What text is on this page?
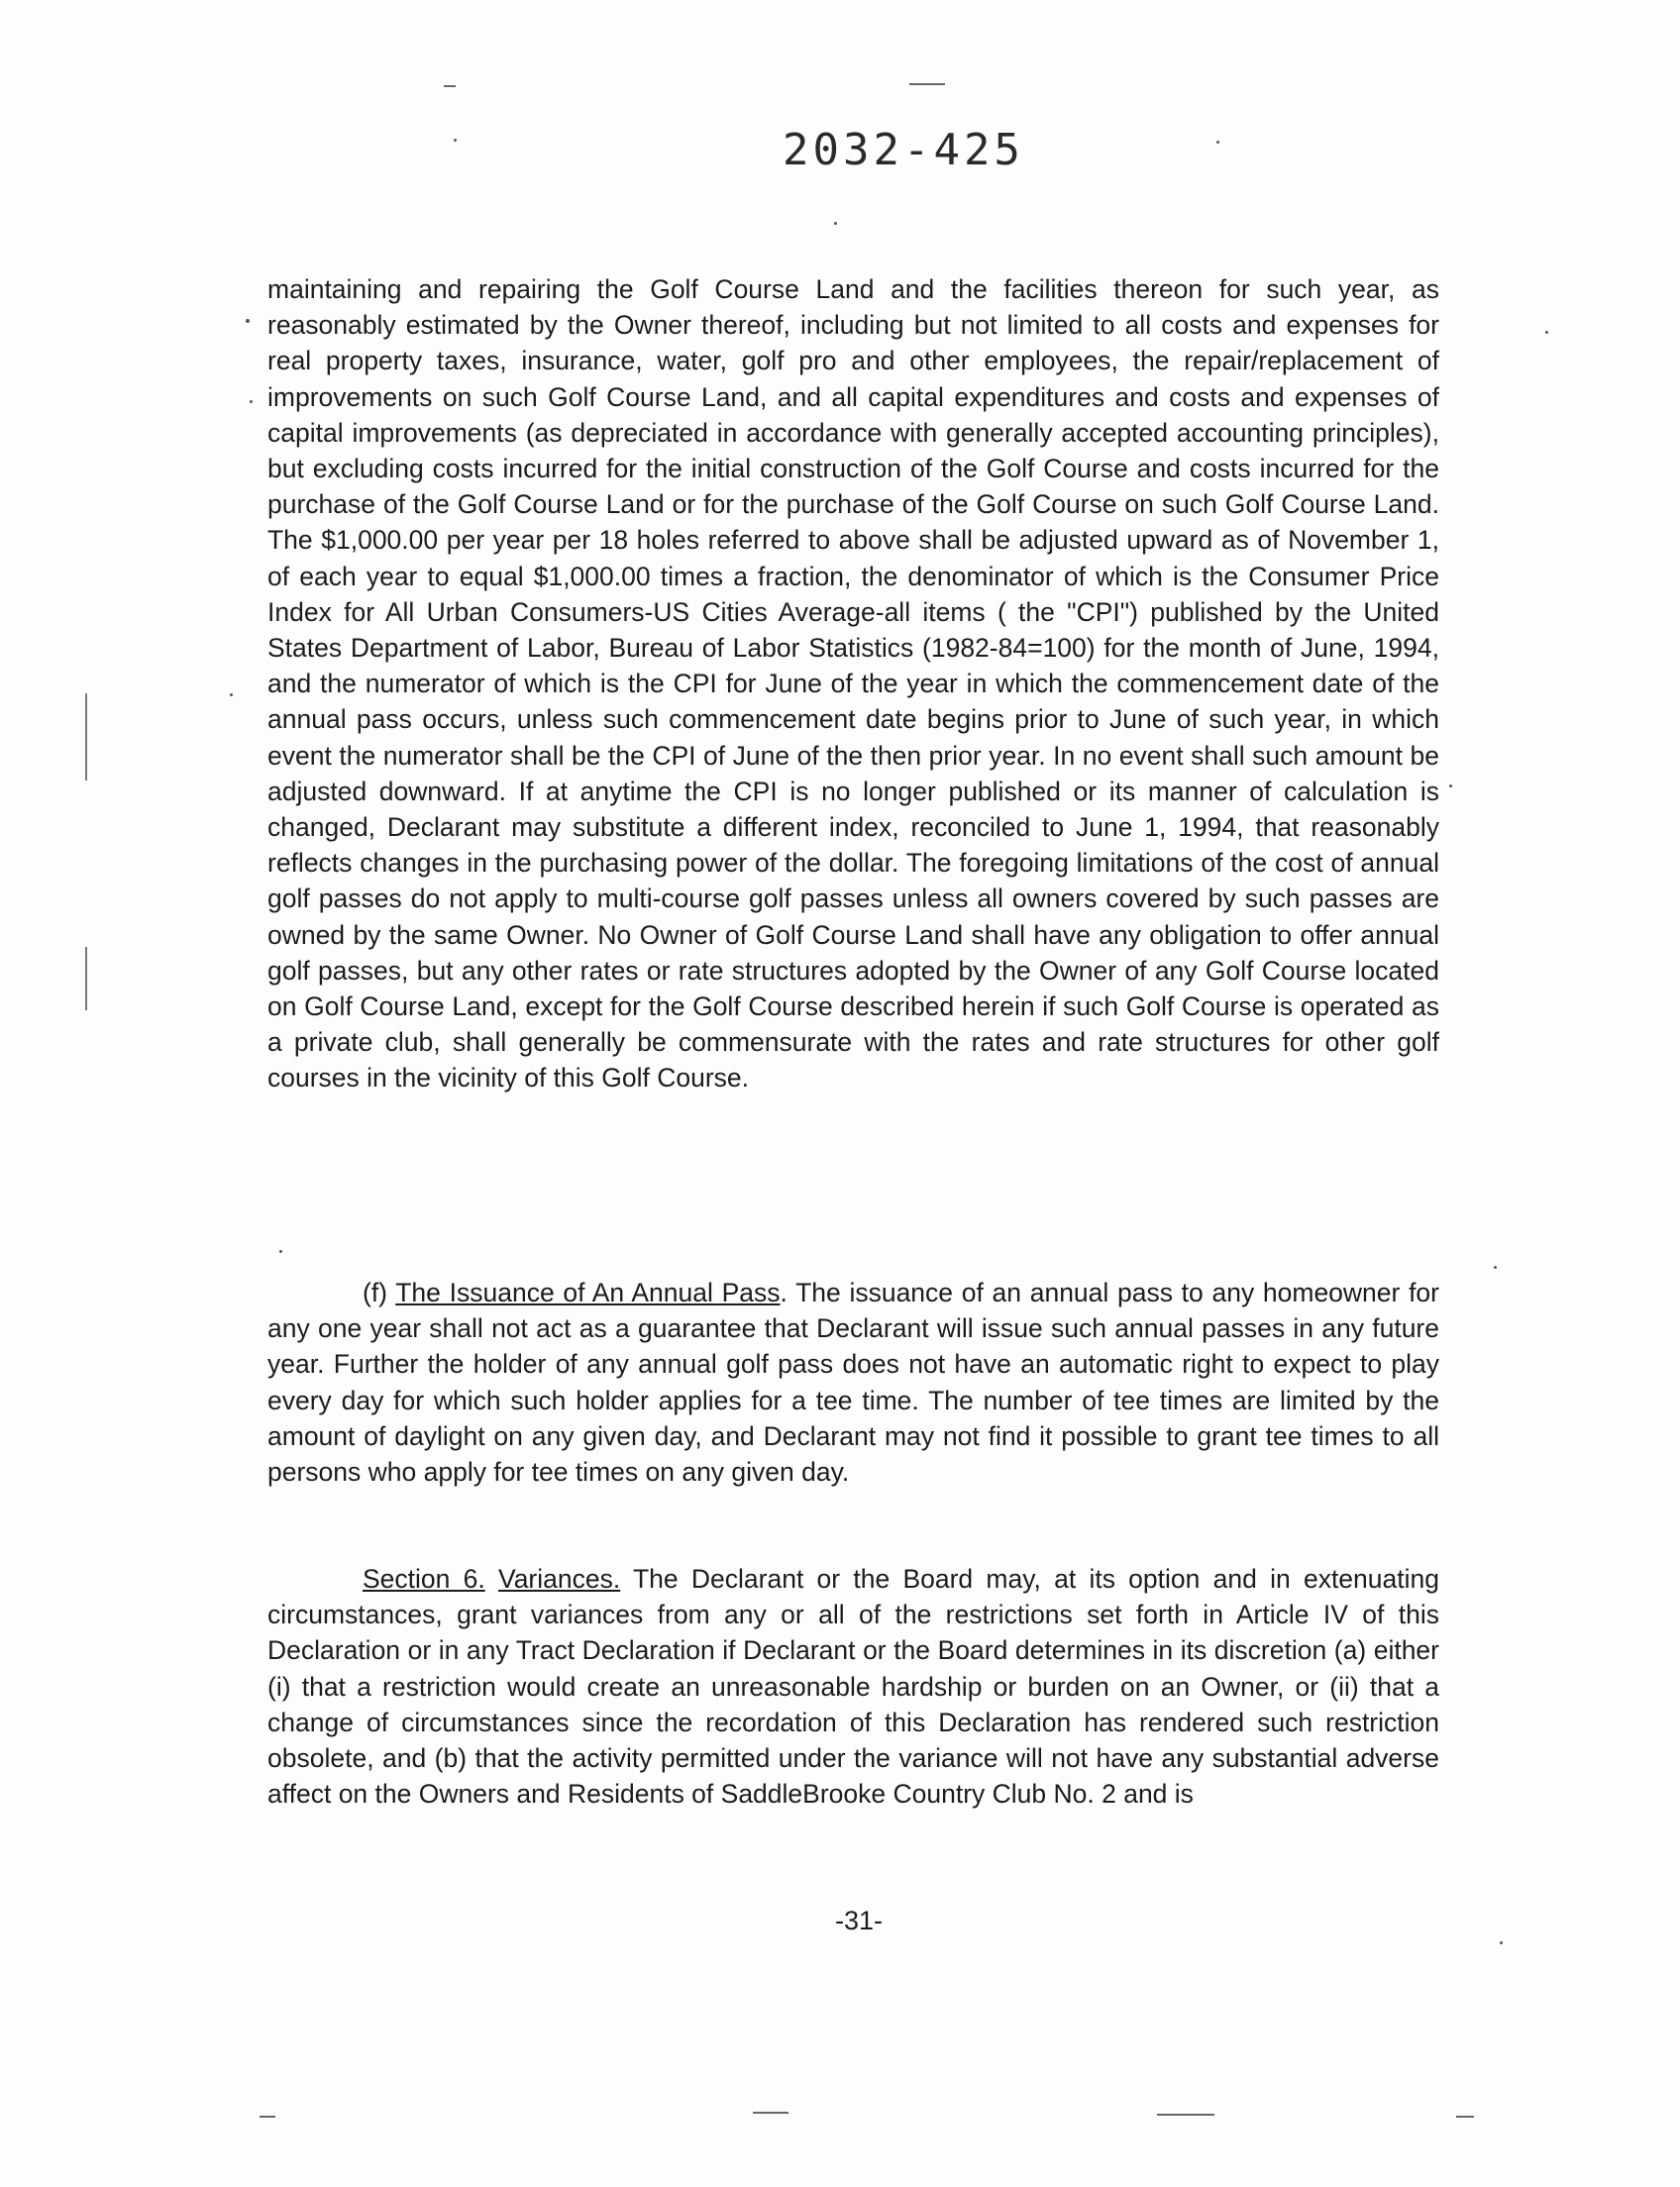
2032-425

maintaining and repairing the Golf Course Land and the facilities thereon for such year, as reasonably estimated by the Owner thereof, including but not limited to all costs and expenses for real property taxes, insurance, water, golf pro and other employees, the repair/replacement of improvements on such Golf Course Land, and all capital expenditures and costs and expenses of capital improvements (as depreciated in accordance with generally accepted accounting principles), but excluding costs incurred for the initial construction of the Golf Course and costs incurred for the purchase of the Golf Course Land or for the purchase of the Golf Course on such Golf Course Land. The $1,000.00 per year per 18 holes referred to above shall be adjusted upward as of November 1, of each year to equal $1,000.00 times a fraction, the denominator of which is the Consumer Price Index for All Urban Consumers-US Cities Average-all items ( the "CPI") published by the United States Department of Labor, Bureau of Labor Statistics (1982-84=100) for the month of June, 1994, and the numerator of which is the CPI for June of the year in which the commencement date of the annual pass occurs, unless such commencement date begins prior to June of such year, in which event the numerator shall be the CPI of June of the then prior year. In no event shall such amount be adjusted downward. If at anytime the CPI is no longer published or its manner of calculation is changed, Declarant may substitute a different index, reconciled to June 1, 1994, that reasonably reflects changes in the purchasing power of the dollar. The foregoing limitations of the cost of annual golf passes do not apply to multi-course golf passes unless all owners covered by such passes are owned by the same Owner. No Owner of Golf Course Land shall have any obligation to offer annual golf passes, but any other rates or rate structures adopted by the Owner of any Golf Course located on Golf Course Land, except for the Golf Course described herein if such Golf Course is operated as a private club, shall generally be commensurate with the rates and rate structures for other golf courses in the vicinity of this Golf Course.

(f) The Issuance of An Annual Pass. The issuance of an annual pass to any homeowner for any one year shall not act as a guarantee that Declarant will issue such annual passes in any future year. Further the holder of any annual golf pass does not have an automatic right to expect to play every day for which such holder applies for a tee time. The number of tee times are limited by the amount of daylight on any given day, and Declarant may not find it possible to grant tee times to all persons who apply for tee times on any given day.

Section 6. Variances. The Declarant or the Board may, at its option and in extenuating circumstances, grant variances from any or all of the restrictions set forth in Article IV of this Declaration or in any Tract Declaration if Declarant or the Board determines in its discretion (a) either (i) that a restriction would create an unreasonable hardship or burden on an Owner, or (ii) that a change of circumstances since the recordation of this Declaration has rendered such restriction obsolete, and (b) that the activity permitted under the variance will not have any substantial adverse affect on the Owners and Residents of SaddleBrooke Country Club No. 2 and is

-31-
